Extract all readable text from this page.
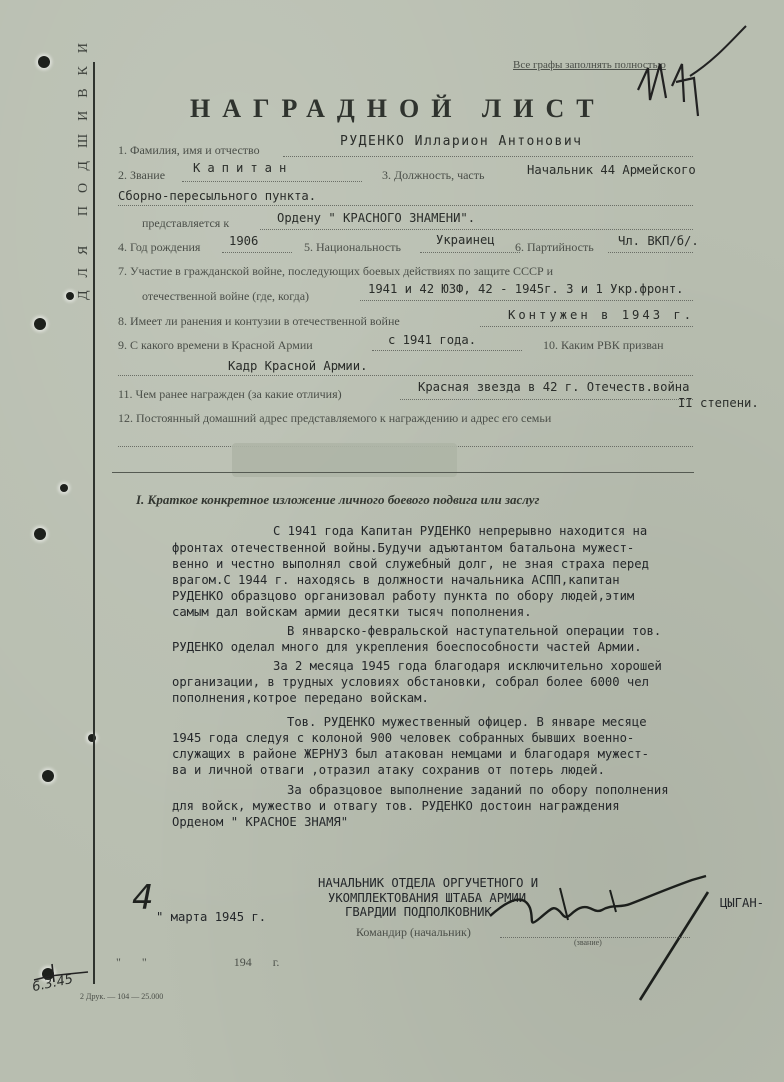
ДЛЯ ПОДШИВКИ	Все графы заполнять полностью
НАГРАДНОЙ ЛИСТ
1. Фамилия, имя и отчество
РУДЕНКО Илларион Антонович
2. Звание Капитан	3. Должность, часть	Начальник 44 Армейского
Сборно-пересыльного пункта.
представляется к	Ордену " КРАСНОГО ЗНАМЕНИ".
4. Год рождения 1906	5. Национальность	Украинец 6. Партийность Чл. ВКП/б/.
7. Участие в гражданской войне, последующих боевых действиях по защите СССР и
отечественной войне (где, когда)	1941 и 42 ЮЗФ, 42 - 1945г. 3 и 1 Укр.фронт.
8. Имеет ли ранения и контузии в отечественной войне	Контужен в 1943 г.
9. С какого времени в Красной Армии	с 1941 года.	10. Каким РВК призван
Кадр Красной Армии.
11. Чем ранее награжден (за какие отличия)	Красная звезда в 42 г. Отечеств.война
II степени.
12. Постоянный домашний адрес представляемого к награждению и адрес его семьи
I. Краткое конкретное изложение личного боевого подвига или заслуг
С 1941 года Капитан РУДЕНКО непрерывно находится на
фронтах отечественной войны.Будучи адъютантом батальона мужест-
венно и честно выполнял свой служебный долг, не зная страха перед
врагом.С 1944 г. находясь в должности начальника АСПП,капитан
РУДЕНКО образцово организовал работу пункта по обору людей,этим
самым дал войскам армии десятки тысяч пополнения.
В январско-февральской наступательной операции тов.
РУДЕНКО оделал много для укрепления боеспособности частей Армии.
За 2 месяца 1945 года благодаря исключительно хорошей
организации, в трудных условиях обстановки, собрал более 6000 чел
пополнения,котрое передано войскам.
Тов. РУДЕНКО мужественный офицер. В январе месяце
1945 года следуя с колоной 900 человек собранных бывших военно-
служащих в районе ЖЕРНУЗ был атакован немцами и благодаря мужест-
ва и личной отваги ,отразил атаку сохранив от потерь людей.
За образцовое выполнение заданий по обору пополнения
для войск, мужество и отвагу тов. РУДЕНКО достоин награждения
Орденом " КРАСНОЕ ЗНАМЯ"
НАЧАЛЬНИК ОТДЕЛА ОРГУЧЕТНОГО И
УКОМПЛЕКТОВАНИЯ ШТАБА АРМИИ
ГВАРДИИ ПОДПОЛКОВНИК
ЦЫГАН-
4 " марта 1945 г.
Командир (начальник)
(звание)
"       "                             194       г.
6.3.45
2 Друк. — 104 — 25.000
